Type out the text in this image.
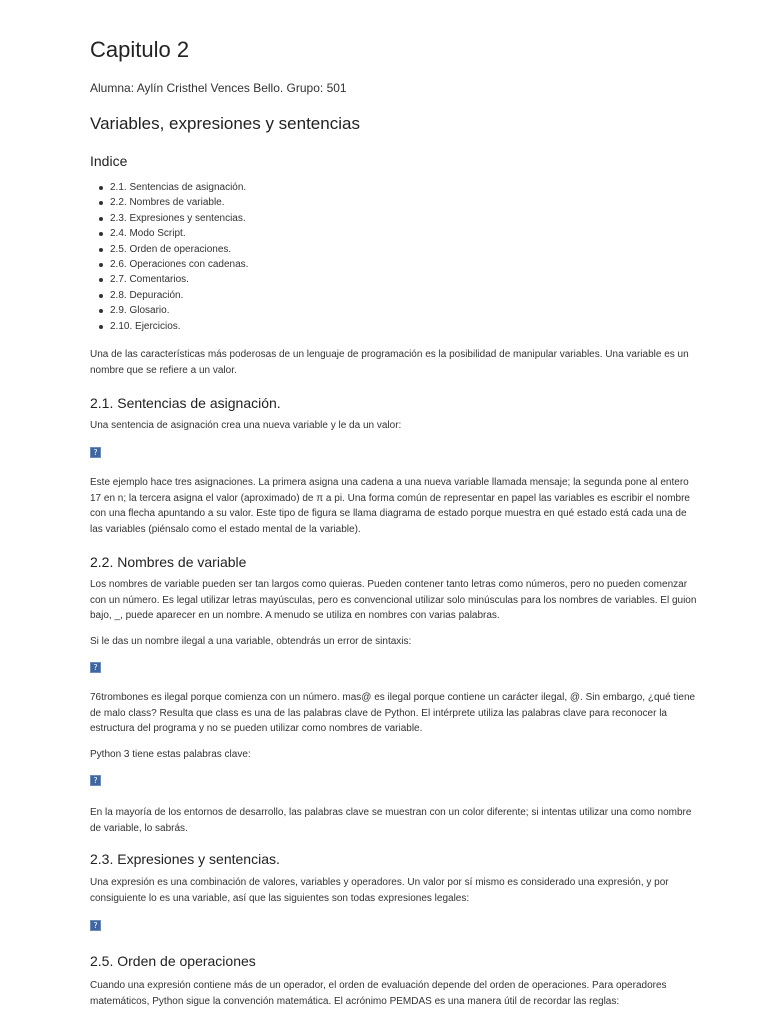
Capitulo 2
Alumna: Aylín Cristhel Vences Bello. Grupo: 501
Variables, expresiones y sentencias
Indice
2.1. Sentencias de asignación.
2.2. Nombres de variable.
2.3. Expresiones y sentencias.
2.4. Modo Script.
2.5. Orden de operaciones.
2.6. Operaciones con cadenas.
2.7. Comentarios.
2.8. Depuración.
2.9. Glosario.
2.10. Ejercicios.
Una de las características más poderosas de un lenguaje de programación es la posibilidad de manipular variables. Una variable es un
nombre que se refiere a un valor.
2.1. Sentencias de asignación.
Una sentencia de asignación crea una nueva variable y le da un valor:
?
Este ejemplo hace tres asignaciones. La primera asigna una cadena a una nueva variable llamada mensaje; la segunda pone al entero
17 en n; la tercera asigna el valor (aproximado) de π a pi. Una forma común de representar en papel las variables es escribir el nombre
con una flecha apuntando a su valor. Este tipo de figura se llama diagrama de estado porque muestra en qué estado está cada una de
las variables (piénsalo como el estado mental de la variable).
2.2. Nombres de variable
Los nombres de variable pueden ser tan largos como quieras. Pueden contener tanto letras como números, pero no pueden comenzar
con un número. Es legal utilizar letras mayúsculas, pero es convencional utilizar solo minúsculas para los nombres de variables. El guion
bajo, _, puede aparecer en un nombre. A menudo se utiliza en nombres con varias palabras.
Si le das un nombre ilegal a una variable, obtendrás un error de sintaxis:
?
76trombones es ilegal porque comienza con un número. mas@ es ilegal porque contiene un carácter ilegal, @. Sin embargo, ¿qué tiene
de malo class? Resulta que class es una de las palabras clave de Python. El intérprete utiliza las palabras clave para reconocer la
estructura del programa y no se pueden utilizar como nombres de variable.
Python 3 tiene estas palabras clave:
?
En la mayoría de los entornos de desarrollo, las palabras clave se muestran con un color diferente; si intentas utilizar una como nombre
de variable, lo sabrás.
2.3. Expresiones y sentencias.
Una expresión es una combinación de valores, variables y operadores. Un valor por sí mismo es considerado una expresión, y por
consiguiente lo es una variable, así que las siguientes son todas expresiones legales:
?
2.5. Orden de operaciones
Cuando una expresión contiene más de un operador, el orden de evaluación depende del orden de operaciones. Para operadores
matemáticos, Python sigue la convención matemática. El acrónimo PEMDAS es una manera útil de recordar las reglas:
